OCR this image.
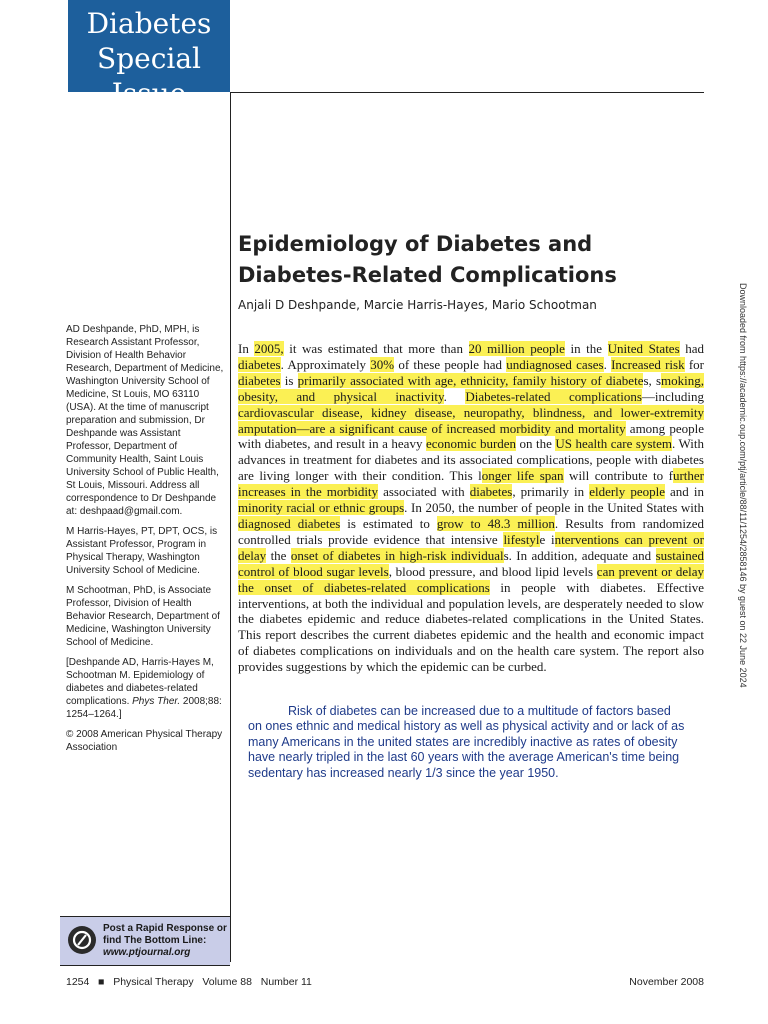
Diabetes
Special Issue
Epidemiology of Diabetes and Diabetes-Related Complications
Anjali D Deshpande, Marcie Harris-Hayes, Mario Schootman

AD Deshpande, PhD, MPH, is Research Assistant Professor, Division of Health Behavior Research, Department of Medicine, Washington University School of Medicine, St Louis, MO 63110 (USA). At the time of manuscript preparation and submission, Dr Deshpande was Assistant Professor, Department of Community Health, Saint Louis University School of Public Health, St Louis, Missouri. Address all correspondence to Dr Deshpande at: deshpaad@gmail.com.

M Harris-Hayes, PT, DPT, OCS, is Assistant Professor, Program in Physical Therapy, Washington University School of Medicine.

M Schootman, PhD, is Associate Professor, Division of Health Behavior Research, Department of Medicine, Washington University School of Medicine.

[Deshpande AD, Harris-Hayes M, Schootman M. Epidemiology of diabetes and diabetes-related complications. Phys Ther. 2008;88: 1254–1264.]

© 2008 American Physical Therapy Association

In 2005, it was estimated that more than 20 million people in the United States had diabetes. Approximately 30% of these people had undiagnosed cases. Increased risk for diabetes is primarily associated with age, ethnicity, family history of diabetes, smoking, obesity, and physical inactivity. Diabetes-related complications—including cardiovascular disease, kidney disease, neuropathy, blindness, and lower-extremity amputation—are a significant cause of increased morbidity and mortality among people with diabetes, and result in a heavy economic burden on the US health care system. With advances in treatment for diabetes and its associated complications, people with diabetes are living longer with their condition. This longer life span will contribute to further increases in the morbidity associated with diabetes, primarily in elderly people and in minority racial or ethnic groups. In 2050, the number of people in the United States with diagnosed diabetes is estimated to grow to 48.3 million. Results from randomized controlled trials provide evidence that intensive lifestyle interventions can prevent or delay the onset of diabetes in high-risk individuals. In addition, adequate and sustained control of blood sugar levels, blood pressure, and blood lipid levels can prevent or delay the onset of diabetes-related complications in people with diabetes. Effective interventions, at both the individual and population levels, are desperately needed to slow the diabetes epidemic and reduce diabetes-related complications in the United States. This report describes the current diabetes epidemic and the health and economic impact of diabetes complications on individuals and on the health care system. The report also provides suggestions by which the epidemic can be curbed.

Risk of diabetes can be increased due to a multitude of factors based on ones ethnic and medical history as well as physical activity and or lack of as many Americans in the united states are incredibly inactive as rates of obesity have nearly tripled in the last 60 years with the average American's time being sedentary has increased nearly 1/3 since the year 1950.

Downloaded from https://academic.oup.com/ptj/article/88/11/1254/2858146 by guest on 22 June 2024
Post a Rapid Response or
find The Bottom Line:
www.ptjournal.org
1254   ■   Physical Therapy Volume 88 Number 11	November 2008
